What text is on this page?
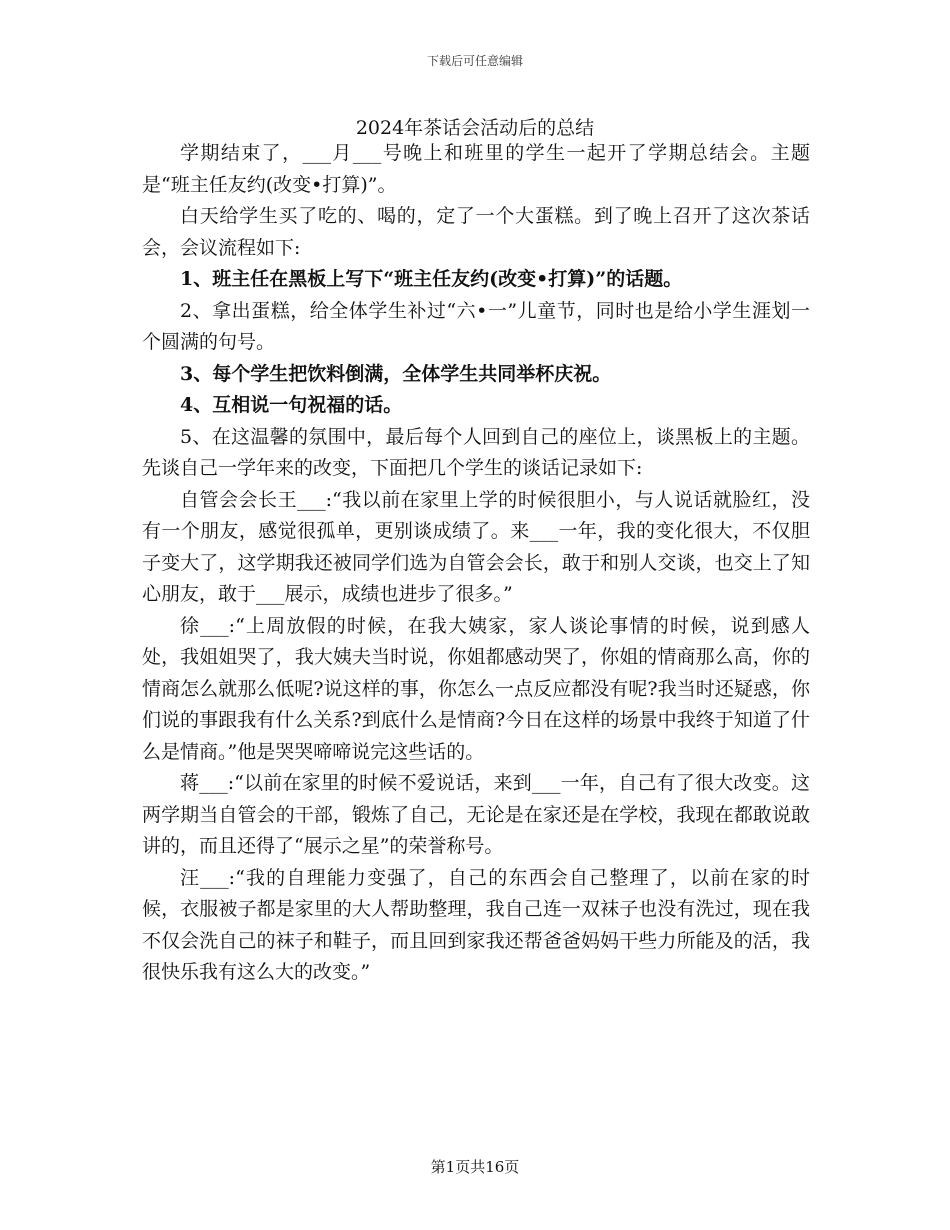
下载后可任意编辑
2024年茶话会活动后的总结

学期结束了，___月___号晚上和班里的学生一起开了学期总结会。主题是“班主任友约(改变•打算)”。

白天给学生买了吃的、喝的，定了一个大蛋糕。到了晚上召开了这次茶话会，会议流程如下:

1、班主任在黑板上写下“班主任友约(改变•打算)”的话题。

2、拿出蛋糕，给全体学生补过“六•一”儿童节，同时也是给小学生涯划一个圆满的句号。

3、每个学生把饮料倒满，全体学生共同举杯庆祝。

4、互相说一句祝福的话。

5、在这温馨的氛围中，最后每个人回到自己的座位上，谈黑板上的主题。先谈自己一学年来的改变，下面把几个学生的谈话记录如下:

自管会会长王___:“我以前在家里上学的时候很胆小，与人说话就脸红，没有一个朋友，感觉很孤单，更别谈成绩了。来___一年，我的变化很大，不仅胆子变大了，这学期我还被同学们选为自管会会长，敢于和别人交谈，也交上了知心朋友，敢于___展示，成绩也进步了很多。”

徐___:“上周放假的时候，在我大姨家，家人谈论事情的时候，说到感人处，我姐姐哭了，我大姨夫当时说，你姐都感动哭了，你姐的情商那么高，你的情商怎么就那么低呢?说这样的事，你怎么一点反应都没有呢?我当时还疑惑，你们说的事跟我有什么关系?到底什么是情商?今日在这样的场景中我终于知道了什么是情商。”他是哭哭啼啼说完这些话的。

蒋___:“以前在家里的时候不爱说话，来到___一年，自己有了很大改变。这两学期当自管会的干部，锻炼了自己，无论是在家还是在学校，我现在都敢说敢讲的，而且还得了“展示之星”的荣誉称号。

汪___:“我的自理能力变强了，自己的东西会自己整理了，以前在家的时候，衣服被子都是家里的大人帮助整理，我自己连一双袜子也没有洗过，现在我不仅会洗自己的袜子和鞋子，而且回到家我还帮爸爸妈妈干些力所能及的活，我很快乐我有这么大的改变。”

第1页共16页
